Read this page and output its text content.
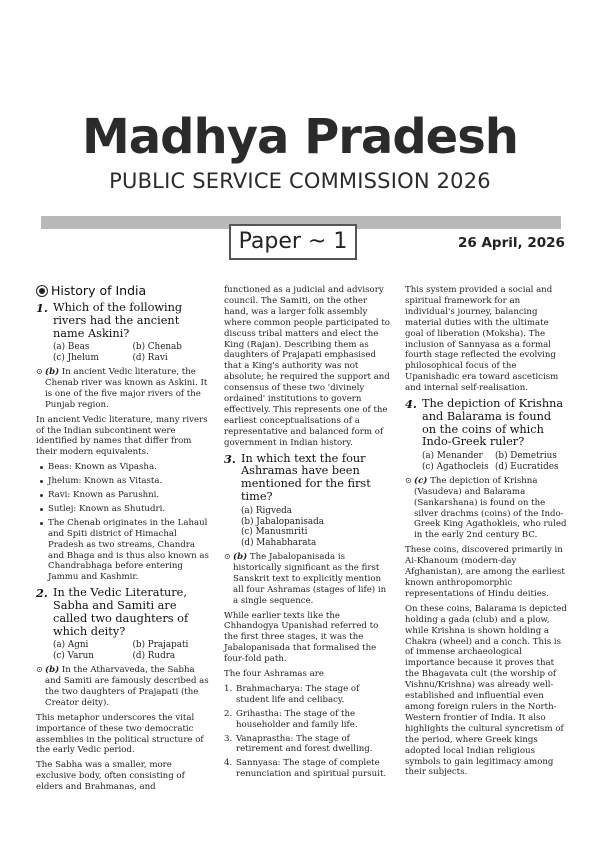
Madhya Pradesh
PUBLIC SERVICE COMMISSION 2026
Paper ~ 1	26 April, 2026
History of India
1. Which of the following rivers had the ancient name Askini?
(a) Beas	(b) Chenab
(c) Jhelum	(d) Ravi
⊙ (b) In ancient Vedic literature, the Chenab river was known as Askini. It is one of the five major rivers of the Punjab region.

In ancient Vedic literature, many rivers of the Indian subcontinent were identified by names that differ from their modern equivalents.

Beas: Known as Vipasha.
Jhelum: Known as Vitasta.
Ravi: Known as Parushni.
Sutlej: Known as Shutudri.
The Chenab originates in the Lahaul and Spiti district of Himachal Pradesh as two streams, Chandra and Bhaga and is thus also known as Chandrabhaga before entering Jammu and Kashmir.
2. In the Vedic Literature, Sabha and Samiti are called two daughters of which deity?
(a) Agni	(b) Prajapati
(c) Varun	(d) Rudra
⊙ (b) In the Atharvaveda, the Sabha and Samiti are famously described as the two daughters of Prajapati (the Creator deity).

This metaphor underscores the vital importance of these two democratic assemblies in the political structure of the early Vedic period.

The Sabha was a smaller, more exclusive body, often consisting of elders and Brahmanas, and

functioned as a judicial and advisory council. The Samiti, on the other hand, was a larger folk assembly where common people participated to discuss tribal matters and elect the King (Rajan). Describing them as daughters of Prajapati emphasised that a King's authority was not absolute; he required the support and consensus of these two 'divinely ordained' institutions to govern effectively. This represents one of the earliest conceptualisations of a representative and balanced form of government in Indian history.

3. In which text the four Ashramas have been mentioned for the first time?
(a) Rigveda
(b) Jabalopanisada
(c) Manusmriti
(d) Mahabharata
⊙ (b) The Jabalopanisada is historically significant as the first Sanskrit text to explicitly mention all four Ashramas (stages of life) in a single sequence.

While earlier texts like the Chhandogya Upanishad referred to the first three stages, it was the Jabalopanisada that formalised the four-fold path.

The four Ashramas are

1. Brahmacharya: The stage of student life and celibacy.
2. Grihastha: The stage of the householder and family life.
3. Vanaprastha: The stage of retirement and forest dwelling.
4. Sannyasa: The stage of complete renunciation and spiritual pursuit.

This system provided a social and spiritual framework for an individual's journey, balancing material duties with the ultimate goal of liberation (Moksha). The inclusion of Sannyasa as a formal fourth stage reflected the evolving philosophical focus of the Upanishadic era toward asceticism and internal self-realisation.

4. The depiction of Krishna and Balarama is found on the coins of which Indo-Greek ruler?
(a) Menander	(b) Demetrius
(c) Agathocleis (d) Eucratides
⊙ (c) The depiction of Krishna (Vasudeva) and Balarama (Sankarshana) is found on the silver drachms (coins) of the Indo-Greek King Agathokleis, who ruled in the early 2nd century BC.

These coins, discovered primarily in Ai-Khanoum (modern-day Afghanistan), are among the earliest known anthropomorphic representations of Hindu deities.

On these coins, Balarama is depicted holding a gada (club) and a plow, while Krishna is shown holding a Chakra (wheel) and a conch. This is of immense archaeological importance because it proves that the Bhagavata cult (the worship of Vishnu/Krishna) was already well-established and influential even among foreign rulers in the North-Western frontier of India. It also highlights the cultural syncretism of the period, where Greek kings adopted local Indian religious symbols to gain legitimacy among their subjects.
